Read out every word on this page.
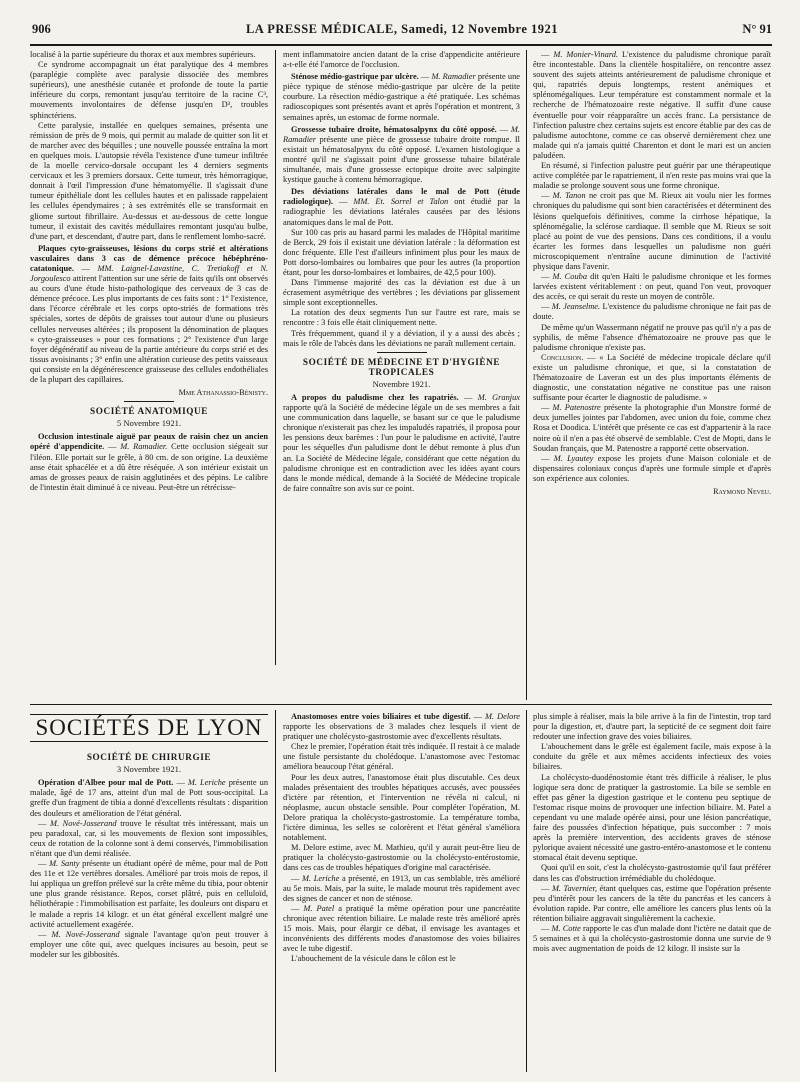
906	LA PRESSE MÉDICALE, Samedi, 12 Novembre 1921	N° 91

localisé à la partie supérieure du thorax et aux membres supérieurs.

Ce syndrome accompagnait un état paralytique des 4 membres (paraplégie complète avec paralysie dissociée des membres supérieurs), une anesthésie cutanée et profonde de toute la partie inférieure du corps, remontant jusqu'au territoire de la racine C³, mouvements involontaires de défense jusqu'en D³, troubles sphinctériens.

Cette paralysie, installée en quelques semaines, présenta une rémission de près de 9 mois, qui permit au malade de quitter son lit et de marcher avec des béquilles ; une nouvelle poussée entraîna la mort en quelques mois. L'autopsie révéla l'existence d'une tumeur infiltrée de la moelle cervico-dorsale occupant les 4 derniers segments cervicaux et les 3 premiers dorsaux. Cette tumeur, très hémorragique, donnait à l'œil l'impression d'une hématomyélie. Il s'agissait d'une tumeur épithéliale dont les cellules hautes et en palissade rappelaient les cellules épendymaires ; à ses extrémités elle se transformait en gliome surtout fibrillaire. Au-dessus et au-dessous de cette longue tumeur, il existait des cavités médullaires remontant jusqu'au bulbe, d'une part, et descendant, d'autre part, dans le renflement lombo-sacré.

Plaques cyto-graisseuses, lésions du corps strié et altérations vasculaires dans 3 cas de démence précoce hébéphréno-catatonique. — MM. Laignel-Lavastine, C. Tretiakoff et N. Jorgoulesco attirent l'attention sur une série de faits qu'ils ont observés au cours d'une étude histo-pathologique des cerveaux de 3 cas de démence précoce. Les plus importants de ces faits sont : 1° l'existence, dans l'écorce cérébrale et les corps opto-striés de formations très spéciales, sortes de dépôts de graisses tout autour d'une ou plusieurs cellules nerveuses altérées ; ils proposent la dénomination de plaques « cyto-graisseuses » pour ces formations ; 2° l'existence d'un large foyer dégénératif au niveau de la partie antérieure du corps strié et des tissus avoisinants ; 3° enfin une altération curieuse des petits vaisseaux qui consiste en la dégénérescence graisseuse des cellules endothéliales de la plupart des capillaires.

Mme Athanassio-Bénisty.
SOCIÉTÉ ANATOMIQUE
5 Novembre 1921.

Occlusion intestinale aiguë par peaux de raisin chez un ancien opéré d'appendicite. — M. Ramadier. Cette occlusion siégeait sur l'iléon. Elle portait sur le grêle, à 80 cm. de son origine. La deuxième anse était sphacélée et a dû être réséquée. A son intérieur existait un amas de grosses peaux de raisin agglutinées et des pépins. Le calibre de l'intestin était diminué à ce niveau. Peut-être un rétrécisse-

ment inflammatoire ancien datant de la crise d'appendicite antérieure a-t-elle été l'amorce de l'occlusion.

Sténose médio-gastrique par ulcère. — M. Ramadier présente une pièce typique de sténose médio-gastrique par ulcère de la petite courbure. La résection médio-gastrique a été pratiquée. Les schémas radioscopiques sont présentés avant et après l'opération et montrent, 3 semaines après, un estomac de forme normale.

Grossesse tubaire droite, hématosalpynx du côté opposé. — M. Ramadier présente une pièce de grossesse tubaire droite rompue. Il existait un hématosalpynx du côté opposé. L'examen histologique a montré qu'il ne s'agissait point d'une grossesse tubaire bilatérale simultanée, mais d'une grossesse ectopique droite avec salpingite kystique gauche à contenu hémorragique.

Des déviations latérales dans le mal de Pott (étude radiologique). — MM. Et. Sorrel et Talon ont étudié par la radiographie les déviations latérales causées par des lésions anatomiques dans le mal de Pott.

Sur 100 cas pris au hasard parmi les malades de l'Hôpital maritime de Berck, 29 fois il existait une déviation latérale : la déformation est donc fréquente. Elle l'est d'ailleurs infiniment plus pour les maux de Pott dorso-lombaires ou lombaires que pour les autres (la proportion étant, pour les dorso-lombaires et lombaires, de 42,5 pour 100).

Dans l'immense majorité des cas la déviation est due à un écrasement asymétrique des vertèbres ; les déviations par glissement simple sont exceptionnelles.

La rotation des deux segments l'un sur l'autre est rare, mais se rencontre : 3 fois elle était cliniquement nette.

Très fréquemment, quand il y a déviation, il y a aussi des abcès ; mais le rôle de l'abcès dans les déviations ne paraît nullement certain.

SOCIÉTÉ DE MÉDECINE ET D'HYGIÈNE TROPICALES
Novembre 1921.

A propos du paludisme chez les rapatriés. — M. Granjux rapporte qu'à la Société de médecine légale un de ses membres a fait une communication dans laquelle, se basant sur ce que le paludisme chronique n'existerait pas chez les impaludés rapatriés, il proposa pour les pensions deux barèmes : l'un pour le paludisme en activité, l'autre pour les séquelles d'un paludisme dont le début remonte à plus d'un an. La Société de Médecine légale, considérant que cette négation du paludisme chronique est en contradiction avec les idées ayant cours dans le monde médical, demande à la Société de Médecine tropicale de faire connaître son avis sur ce point.

— M. Monier-Vinard. L'existence du paludisme chronique paraît être incontestable. Dans la clientèle hospitalière, on rencontre assez souvent des sujets atteints antérieurement de paludisme chronique et qui, rapatriés depuis longtemps, restent anémiques et splénomégaliques. Leur température est constamment normale et la recherche de l'hématozoaire reste négative. Il suffit d'une cause éventuelle pour voir réapparaître un accès franc. La persistance de l'infection palustre chez certains sujets est encore établie par des cas de paludisme autochtone, comme ce cas observé dernièrement chez une malade qui n'a jamais quitté Charenton et dont le mari est un ancien paludéen.

En résumé, si l'infection palustre peut guérir par une thérapeutique active complétée par le rapatriement, il n'en reste pas moins vrai que la maladie se prolonge souvent sous une forme chronique.

— M. Tanon ne croit pas que M. Rieux ait voulu nier les formes chroniques du paludisme qui sont bien caractérisées et déterminent des lésions quelquefois définitives, comme la cirrhose hépatique, la splénomégalie, la sclérose cardiaque. Il semble que M. Rieux se soit placé au point de vue des pensions. Dans ces conditions, il a voulu écarter les formes dans lesquelles un paludisme non guéri microscopiquement n'entraîne aucune diminution de l'activité physique dans l'avenir.

— M. Couba dit qu'en Haïti le paludisme chronique et les formes larvées existent véritablement : on peut, quand l'on veut, provoquer des accès, ce qui serait du reste un moyen de contrôle.

— M. Jeanselme. L'existence du paludisme chronique ne fait pas de doute.

De même qu'un Wassermann négatif ne prouve pas qu'il n'y a pas de syphilis, de même l'absence d'hématozoaire ne prouve pas que le paludisme chronique n'existe pas.

Conclusion. — « La Société de médecine tropicale déclare qu'il existe un paludisme chronique, et que, si la constatation de l'hématozoaire de Laveran est un des plus importants éléments de diagnostic, une constatation négative ne constitue pas une raison suffisante pour écarter le diagnostic de paludisme. »

— M. Patenostre présente la photographie d'un Monstre formé de deux jumelles jointes par l'abdomen, avec union du foie, comme chez Rosa et Doodica. L'intérêt que présente ce cas est d'appartenir à la race noire où il n'en a pas été observé de semblable. C'est de Mopti, dans le Soudan français, que M. Patenostre a rapporté cette observation.

— M. Lyautey expose les projets d'une Maison coloniale et de dispensaires coloniaux conçus d'après une formule simple et d'après son expérience aux colonies.

Raymond Neveu.
SOCIÉTÉS DE LYON
SOCIÉTÉ DE CHIRURGIE
3 Novembre 1921.

Opération d'Albee pour mal de Pott. — M. Leriche présente un malade, âgé de 17 ans, atteint d'un mal de Pott sous-occipital. La greffe d'un fragment de tibia a donné d'excellents résultats : disparition des douleurs et amélioration de l'état général.

— M. Nové-Josserand trouve le résultat très intéressant, mais un peu paradoxal, car, si les mouvements de flexion sont impossibles, ceux de rotation de la colonne sont à demi conservés, l'immobilisation n'étant que d'un demi réalisée.

— M. Santy présente un étudiant opéré de même, pour mal de Pott des 11e et 12e vertèbres dorsales. Amélioré par trois mois de repos, il lui appliqua un greffon prélevé sur la crête même du tibia, pour obtenir une plus grande résistance. Repos, corset plâtré, puis en celluloïd, héliothérapie : l'immobilisation est parfaite, les douleurs ont disparu et le malade a repris 14 kilogr. et un état général excellent malgré une activité actuellement exagérée.

— M. Nové-Josserand signale l'avantage qu'on peut trouver à employer une côte qui, avec quelques incisures au besoin, peut se modeler sur les gibbosités.

Anastomoses entre voies biliaires et tube digestif. — M. Delore rapporte les observations de 3 malades chez lesquels il vient de pratiquer une cholécysto-gastrostomie avec d'excellents résultats.

Chez le premier, l'opération était très indiquée. Il restait à ce malade une fistule persistante du cholédoque. L'anastomose avec l'estomac améliora beaucoup l'état général.

Pour les deux autres, l'anastomose était plus discutable. Ces deux malades présentaient des troubles hépatiques accusés, avec poussées d'ictère par rétention, et l'intervention ne révéla ni calcul, ni néoplasme, aucun obstacle sensible. Pour compléter l'opération, M. Delore pratiqua la cholécysto-gastrostomie. La température tomba, l'ictère diminua, les selles se colorèrent et l'état général s'améliora notablement.

M. Delore estime, avec M. Mathieu, qu'il y aurait peut-être lieu de pratiquer la cholécysto-gastrostomie ou la cholécysto-entérostomie, dans ces cas de troubles hépatiques d'origine mal caractérisée.

— M. Leriche a présenté, en 1913, un cas semblable, très amélioré au 5e mois. Mais, par la suite, le malade mourut très rapidement avec des signes de cancer et non de sténose.

— M. Patel a pratiqué la même opération pour une pancréatite chronique avec rétention biliaire. Le malade reste très amélioré après 15 mois. Mais, pour élargir ce débat, il envisage les avantages et inconvénients des différents modes d'anastomose des voies biliaires avec le tube digestif.

L'abouchement de la vésicule dans le côlon est le

plus simple à réaliser, mais la bile arrive à la fin de l'intestin, trop tard pour la digestion, et, d'autre part, la septicité de ce segment doit faire redouter une infection grave des voies biliaires.

L'abouchement dans le grêle est également facile, mais expose à la conduite du grêle et aux mêmes accidents infectieux des voies biliaires.

La cholécysto-duodénostomie étant très difficile à réaliser, le plus logique sera donc de pratiquer la gastrostomie. La bile se semble en effet pas gêner la digestion gastrique et le contenu peu septique de l'estomac risque moins de provoquer une infection biliaire. M. Patel a cependant vu une malade opérée ainsi, pour une lésion pancréatique, faire des poussées d'infection hépatique, puis succomber : 7 mois après la première intervention, des accidents graves de sténose pylorique avaient nécessité une gastro-entéro-anastomose et le contenu stomacal était devenu septique.

Quoi qu'il en soit, c'est la cholécysto-gastrostomie qu'il faut préférer dans les cas d'obstruction irrémédiable du cholédoque.

— M. Tavernier, étant quelques cas, estime que l'opération présente peu d'intérêt pour les cancers de la tête du pancréas et les cancers à évolution rapide. Par contre, elle améliore les cancers plus lents où la rétention biliaire aggravait singulièrement la cachexie.

— M. Cotte rapporte le cas d'un malade dont l'ictère ne datait que de 5 semaines et à qui la cholécysto-gastrostomie donna une survie de 9 mois avec augmentation de poids de 12 kilogr. Il insiste sur la
